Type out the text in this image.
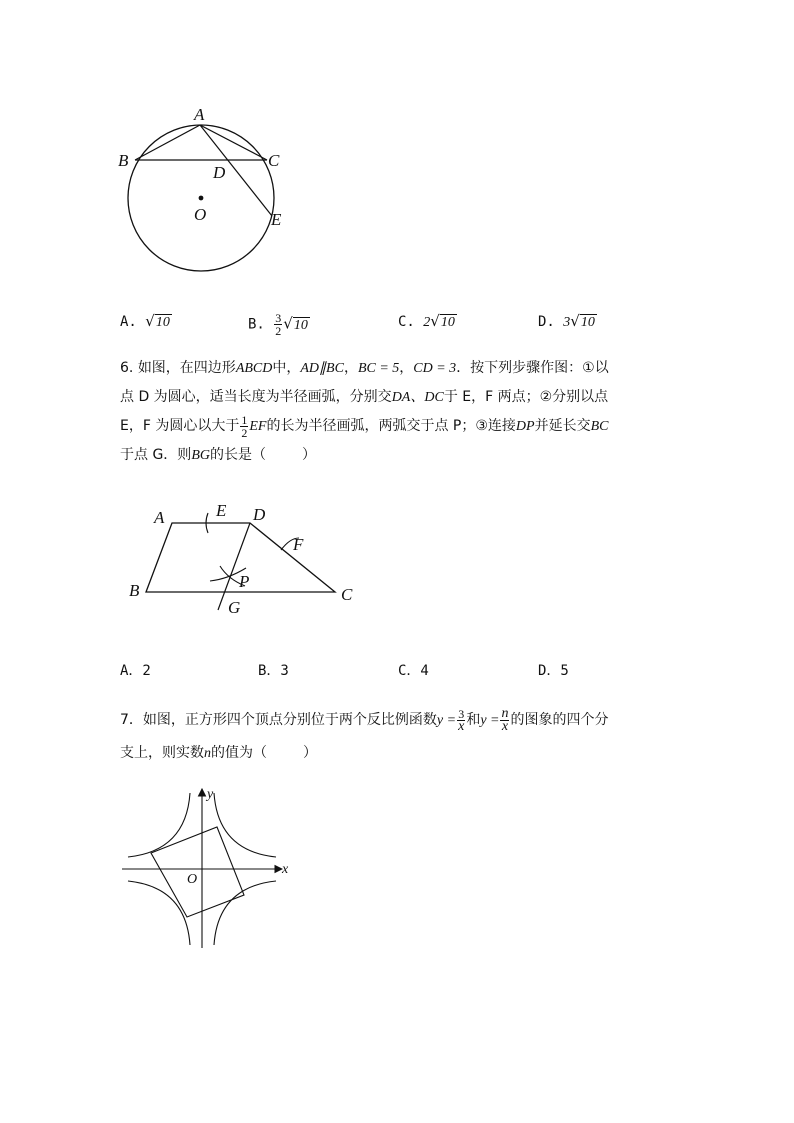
A
B	C
D
E
O
A. √10	B. $\frac{3}{2} √10$	C. 2√10	D. 3√10
6. 如图，在四边形ABCD中，AD∥BC，BC = 5，CD = 3．按下列步骤作图：①以
点 D 为圆心，适当长度为半径画弧，分别交DA、DC于 E，F 两点；②分别以点
E，F 为圆心以大于 $\frac{1}{2}$ EF的长为半径画弧，两弧交于点 P；③连接DP并延长交BC
于点 G．则BG的长是（	）
A	E D
F
P
B	C
G
A．2	B．3	C．4	D．5
7．如图，正方形四个顶点分别位于两个反比例函数$y = \frac{3}{x}$ 和$y = \frac{n}{x}$ 的图象的四个分
支上，则实数n的值为（	）
x
y
O
